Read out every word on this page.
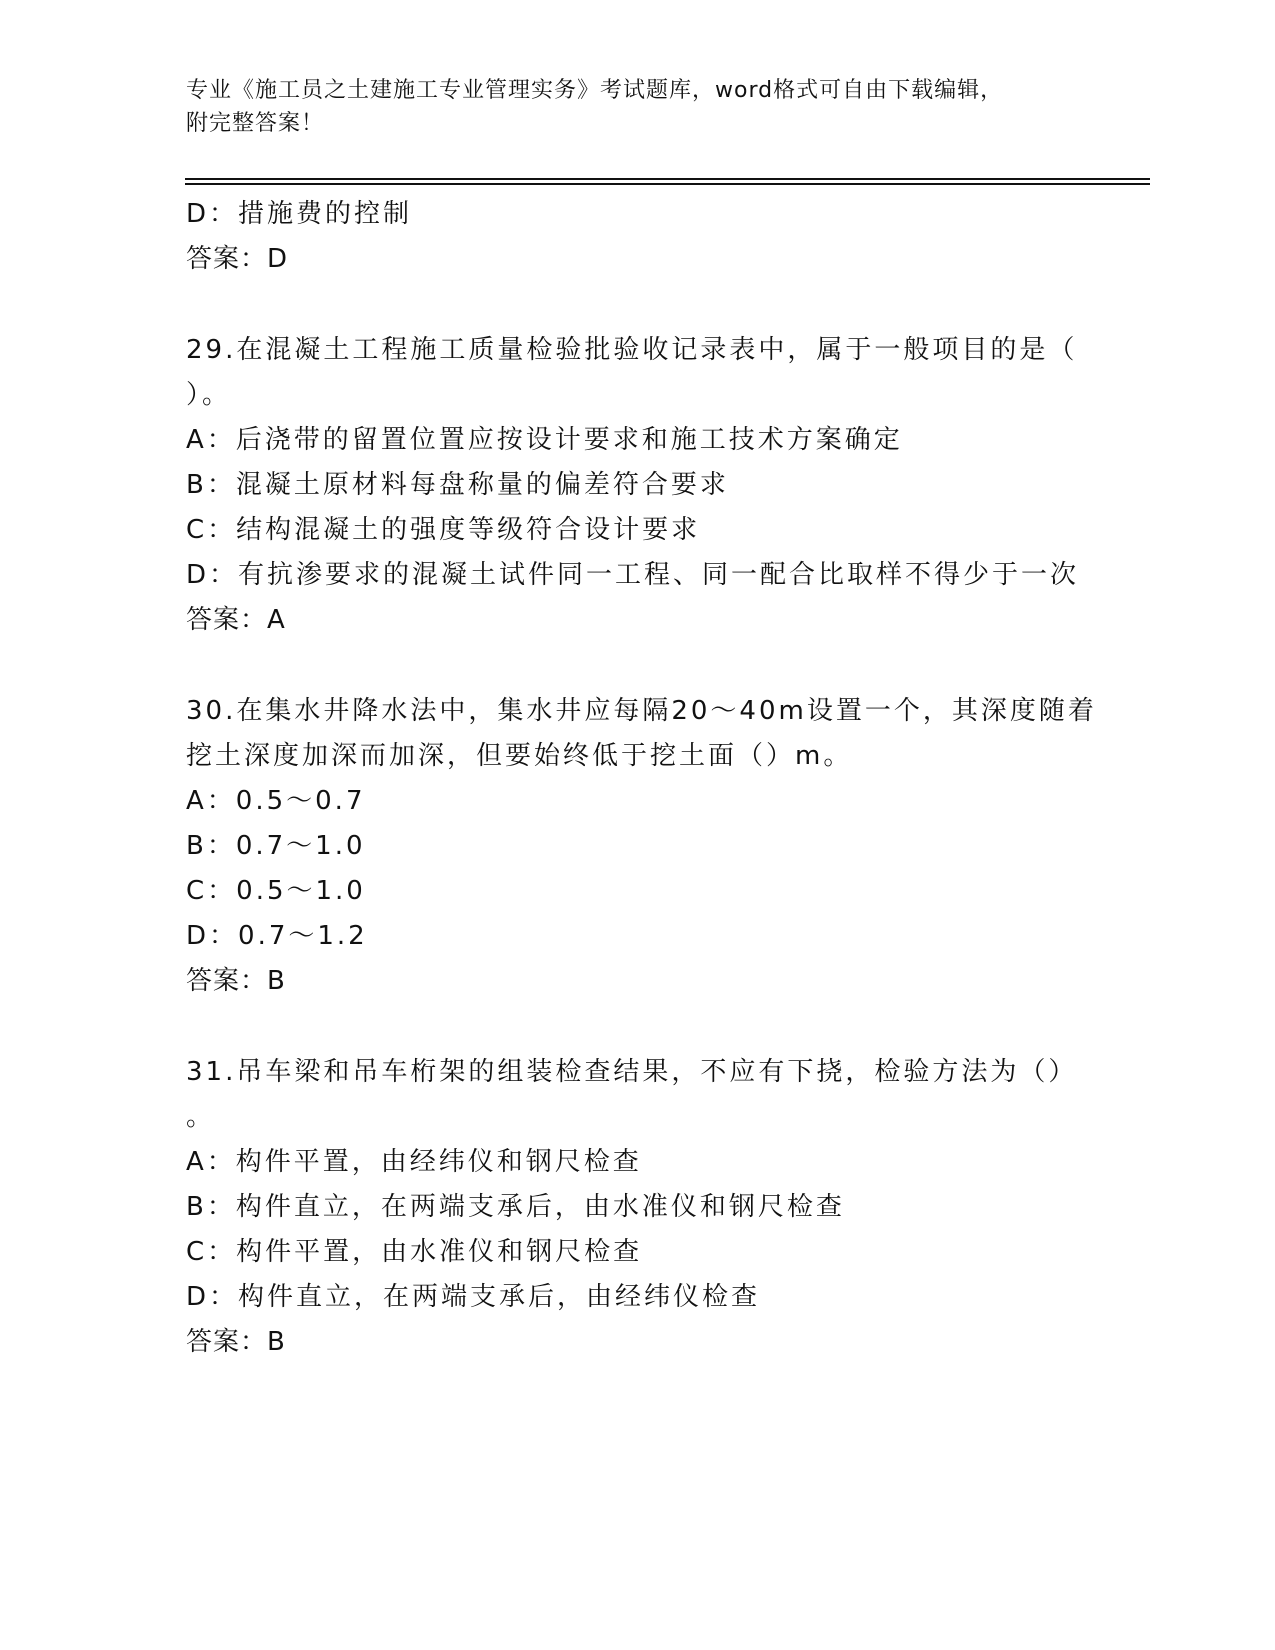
专业《施工员之土建施工专业管理实务》考试题库，word格式可自由下载编辑，
附完整答案！
D：措施费的控制
答案：D
29.在混凝土工程施工质量检验批验收记录表中，属于一般项目的是（
）。
A：后浇带的留置位置应按设计要求和施工技术方案确定
B：混凝土原材料每盘称量的偏差符合要求
C：结构混凝土的强度等级符合设计要求
D：有抗渗要求的混凝土试件同一工程、同一配合比取样不得少于一次
答案：A
30.在集水井降水法中，集水井应每隔20～40m设置一个，其深度随着
挖土深度加深而加深，但要始终低于挖土面（）m。
A：0.5～0.7
B：0.7～1.0
C：0.5～1.0
D：0.7～1.2
答案：B
31.吊车梁和吊车桁架的组装检查结果，不应有下挠，检验方法为（）
。
A：构件平置，由经纬仪和钢尺检查
B：构件直立，在两端支承后，由水准仪和钢尺检查
C：构件平置，由水准仪和钢尺检查
D：构件直立，在两端支承后，由经纬仪检查
答案：B
